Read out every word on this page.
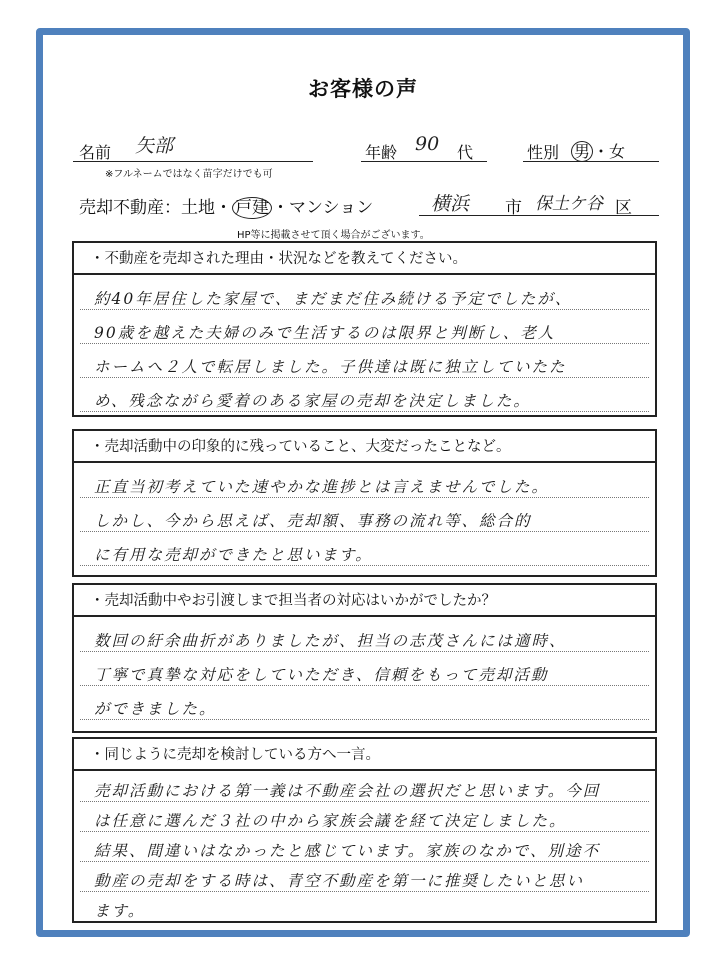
お客様の声
名前 矢部
※フルネームではなく苗字だけでも可
年齢 90 代	性別 男 ・女
売却不動産：土地・ 戸建 ・マンション	横浜 市 保土ケ谷 区
HP等に掲載させて頂く場合がございます。
・不動産を売却された理由・状況などを教えてください。
約40年居住した家屋で、まだまだ住み続ける予定でしたが、
90歳を越えた夫婦のみで生活するのは限界と判断し、老人
ホームへ２人で転居しました。子供達は既に独立していたた
め、残念ながら愛着のある家屋の売却を決定しました。
・売却活動中の印象的に残っていること、大変だったことなど。
正直当初考えていた速やかな進捗とは言えませんでした。
しかし、今から思えば、売却額、事務の流れ等、総合的
に有用な売却ができたと思います。
・売却活動中やお引渡しまで担当者の対応はいかがでしたか？
数回の紆余曲折がありましたが、担当の志茂さんには適時、
丁寧で真摯な対応をしていただき、信頼をもって売却活動
ができました。
・同じように売却を検討している方へ一言。
売却活動における第一義は不動産会社の選択だと思います。今回
は任意に選んだ３社の中から家族会議を経て決定しました。
結果、間違いはなかったと感じています。家族のなかで、別途不
動産の売却をする時は、青空不動産を第一に推奨したいと思い
ます。
